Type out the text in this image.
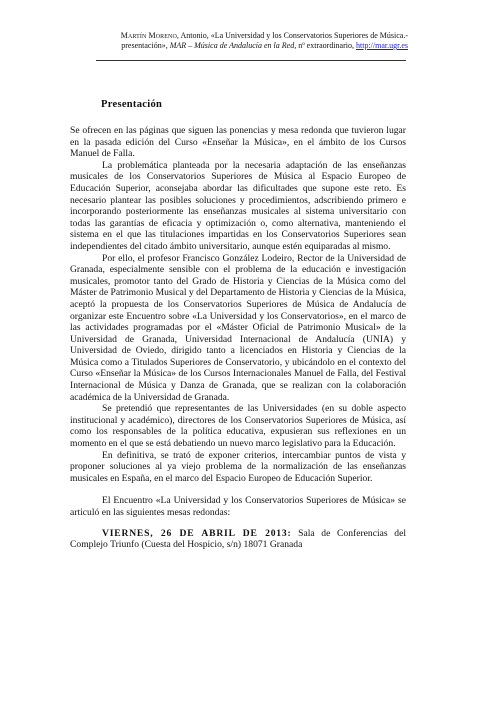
Martín Moreno, Antonio, «La Universidad y los Conservatorios Superiores de Música.-
presentación», MAR – Música de Andalucía en la Red, nº extraordinario, http://mar.ugr.es
Presentación

Se ofrecen en las páginas que siguen las ponencias y mesa redonda que tuvieron lugar en la pasada edición del Curso «Enseñar la Música», en el ámbito de los Cursos Manuel de Falla.

La problemática planteada por la necesaria adaptación de las enseñanzas musicales de los Conservatorios Superiores de Música al Espacio Europeo de Educación Superior, aconsejaba abordar las dificultades que supone este reto. Es necesario plantear las posibles soluciones y procedimientos, adscribiendo primero e incorporando posteriormente las enseñanzas musicales al sistema universitario con todas las garantías de eficacia y optimización o, como alternativa, manteniendo el sistema en el que las titulaciones impartidas en los Conservatorios Superiores sean independientes del citado ámbito universitario, aunque estén equiparadas al mismo.

Por ello, el profesor Francisco González Lodeiro, Rector de la Universidad de Granada, especialmente sensible con el problema de la educación e investigación musicales, promotor tanto del Grado de Historia y Ciencias de la Música como del Máster de Patrimonio Musical y del Departamento de Historia y Ciencias de la Música, aceptó la propuesta de los Conservatorios Superiores de Música de Andalucía de organizar este Encuentro sobre «La Universidad y los Conservatorios», en el marco de las actividades programadas por el «Máster Oficial de Patrimonio Musical» de la Universidad de Granada, Universidad Internacional de Andalucía (UNIA) y Universidad de Oviedo, dirigido tanto a licenciados en Historia y Ciencias de la Música como a Titulados Superiores de Conservatorio, y ubicándolo en el contexto del Curso «Enseñar la Música» de los Cursos Internacionales Manuel de Falla, del Festival Internacional de Música y Danza de Granada, que se realizan con la colaboración académica de la Universidad de Granada.

Se pretendió que representantes de las Universidades (en su doble aspecto institucional y académico), directores de los Conservatorios Superiores de Música, así como los responsables de la política educativa, expusieran sus reflexiones en un momento en el que se está debatiendo un nuevo marco legislativo para la Educación.

En definitiva, se trató de exponer criterios, intercambiar puntos de vista y proponer soluciones al ya viejo problema de la normalización de las enseñanzas musicales en España, en el marco del Espacio Europeo de Educación Superior.

El Encuentro «La Universidad y los Conservatorios Superiores de Música» se articuló en las siguientes mesas redondas:

VIERNES, 26 DE ABRIL DE 2013: Sala de Conferencias del Complejo Triunfo (Cuesta del Hospicio, s/n) 18071 Granada
